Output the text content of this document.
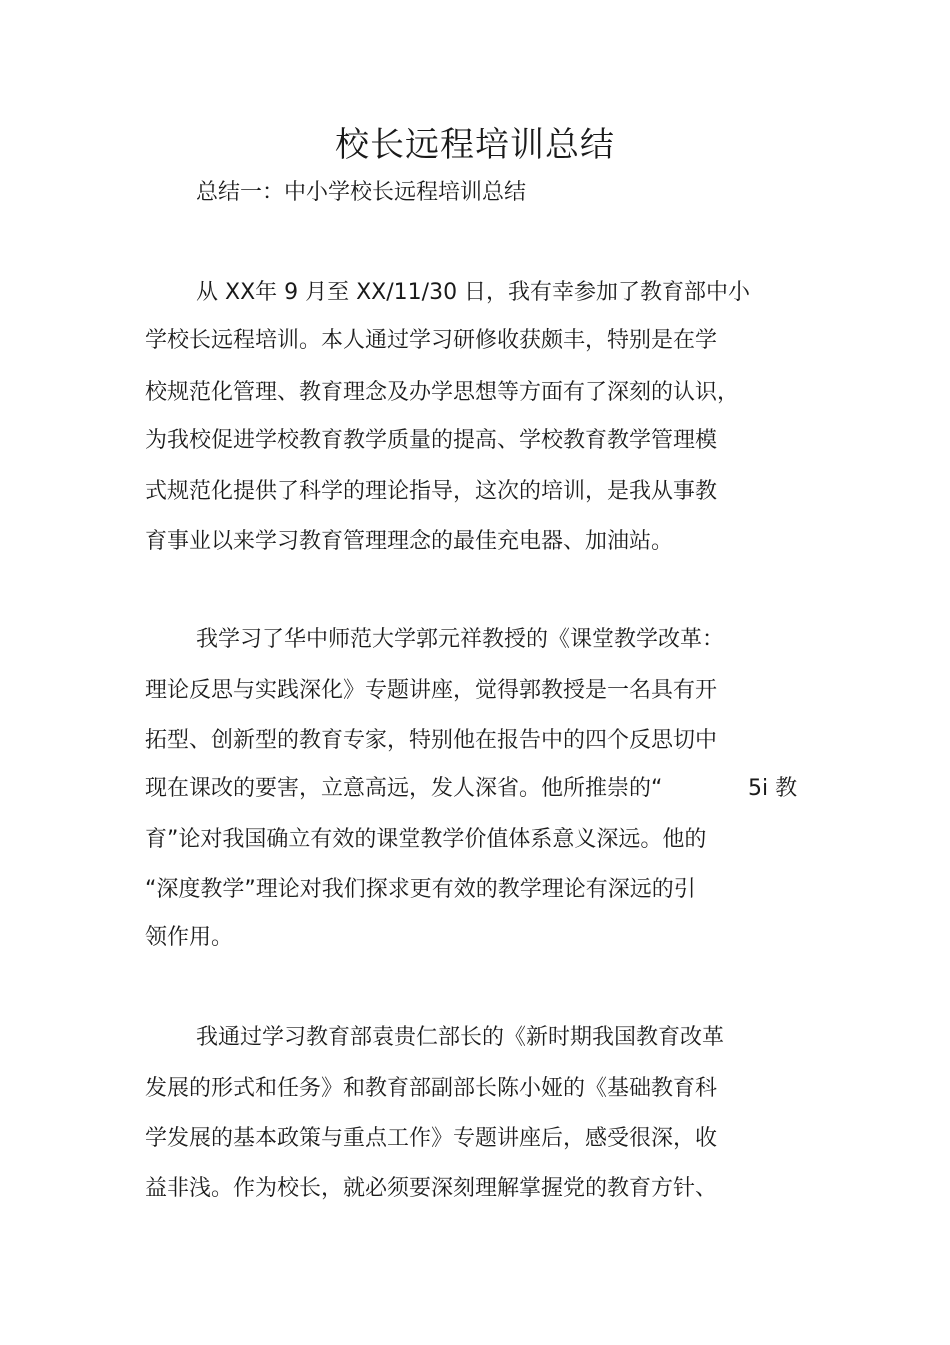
校长远程培训总结
总结一：中小学校长远程培训总结
从 XX年 9 月至 XX/11/30 日，我有幸参加了教育部中小
学校长远程培训。本人通过学习研修收获颇丰，特别是在学
校规范化管理、教育理念及办学思想等方面有了深刻的认识，
为我校促进学校教育教学质量的提高、学校教育教学管理模
式规范化提供了科学的理论指导，这次的培训，是我从事教
育事业以来学习教育管理理念的最佳充电器、加油站。
我学习了华中师范大学郭元祥教授的《课堂教学改革：
理论反思与实践深化》专题讲座，觉得郭教授是一名具有开
拓型、创新型的教育专家，特别他在报告中的四个反思切中
现在课改的要害，立意高远，发人深省。他所推崇的“	5i 教
育”论对我国确立有效的课堂教学价值体系意义深远。他的
“深度教学”理论对我们探求更有效的教学理论有深远的引
领作用。
我通过学习教育部袁贵仁部长的《新时期我国教育改革
发展的形式和任务》和教育部副部长陈小娅的《基础教育科
学发展的基本政策与重点工作》专题讲座后，感受很深，收
益非浅。作为校长，就必须要深刻理解掌握党的教育方针、
